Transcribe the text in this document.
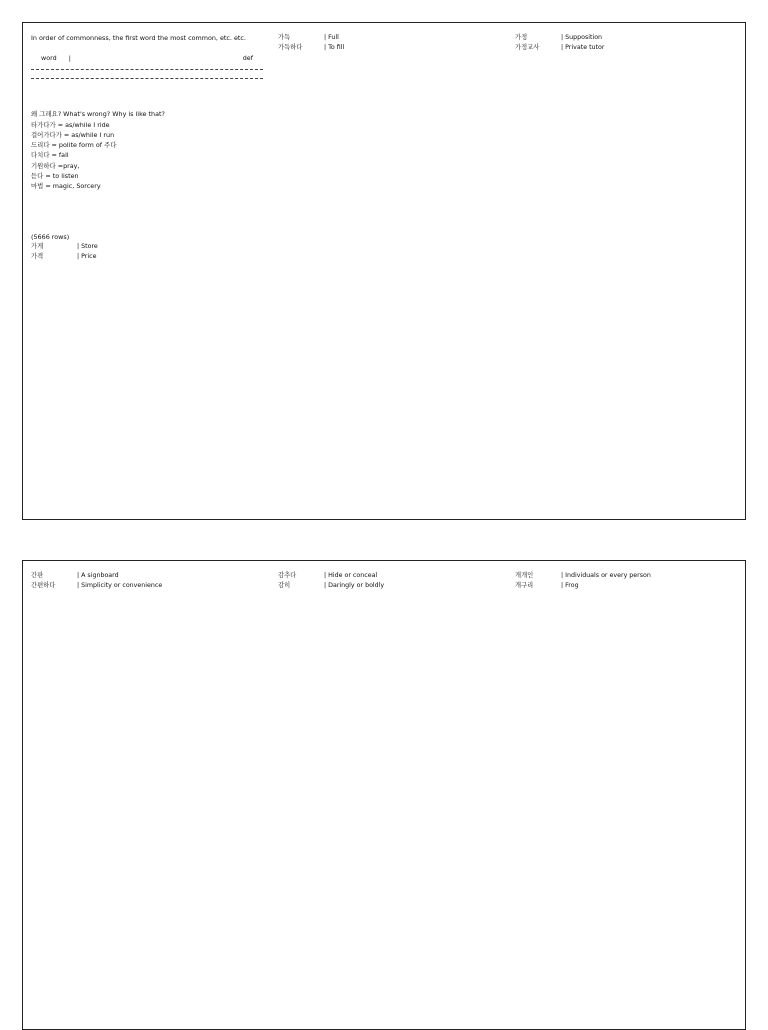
In order of commonness, the first word the most common, etc. etc.
word	|	def
왜 그래요? What's wrong? Why is like that?
타가다가 = as/while I ride
걸어가다가 = as/while I run
드리다 = polite form of 주다
다치다 = fall
기원하다 =pray,
듣다 = to listen
마법 = magic, Sorcery
(5666 rows)
가게	| Store
가격	| Price
가득	| Full
가득하다	| To fill
가정	| Supposition
가정교사	| Private tutor
간판	| A signboard
간편하다	| Simplicity or convenience
감추다	| Hide or conceal
감히	| Daringly or boldly
개개인	| Individuals or every person
개구리	| Frog
